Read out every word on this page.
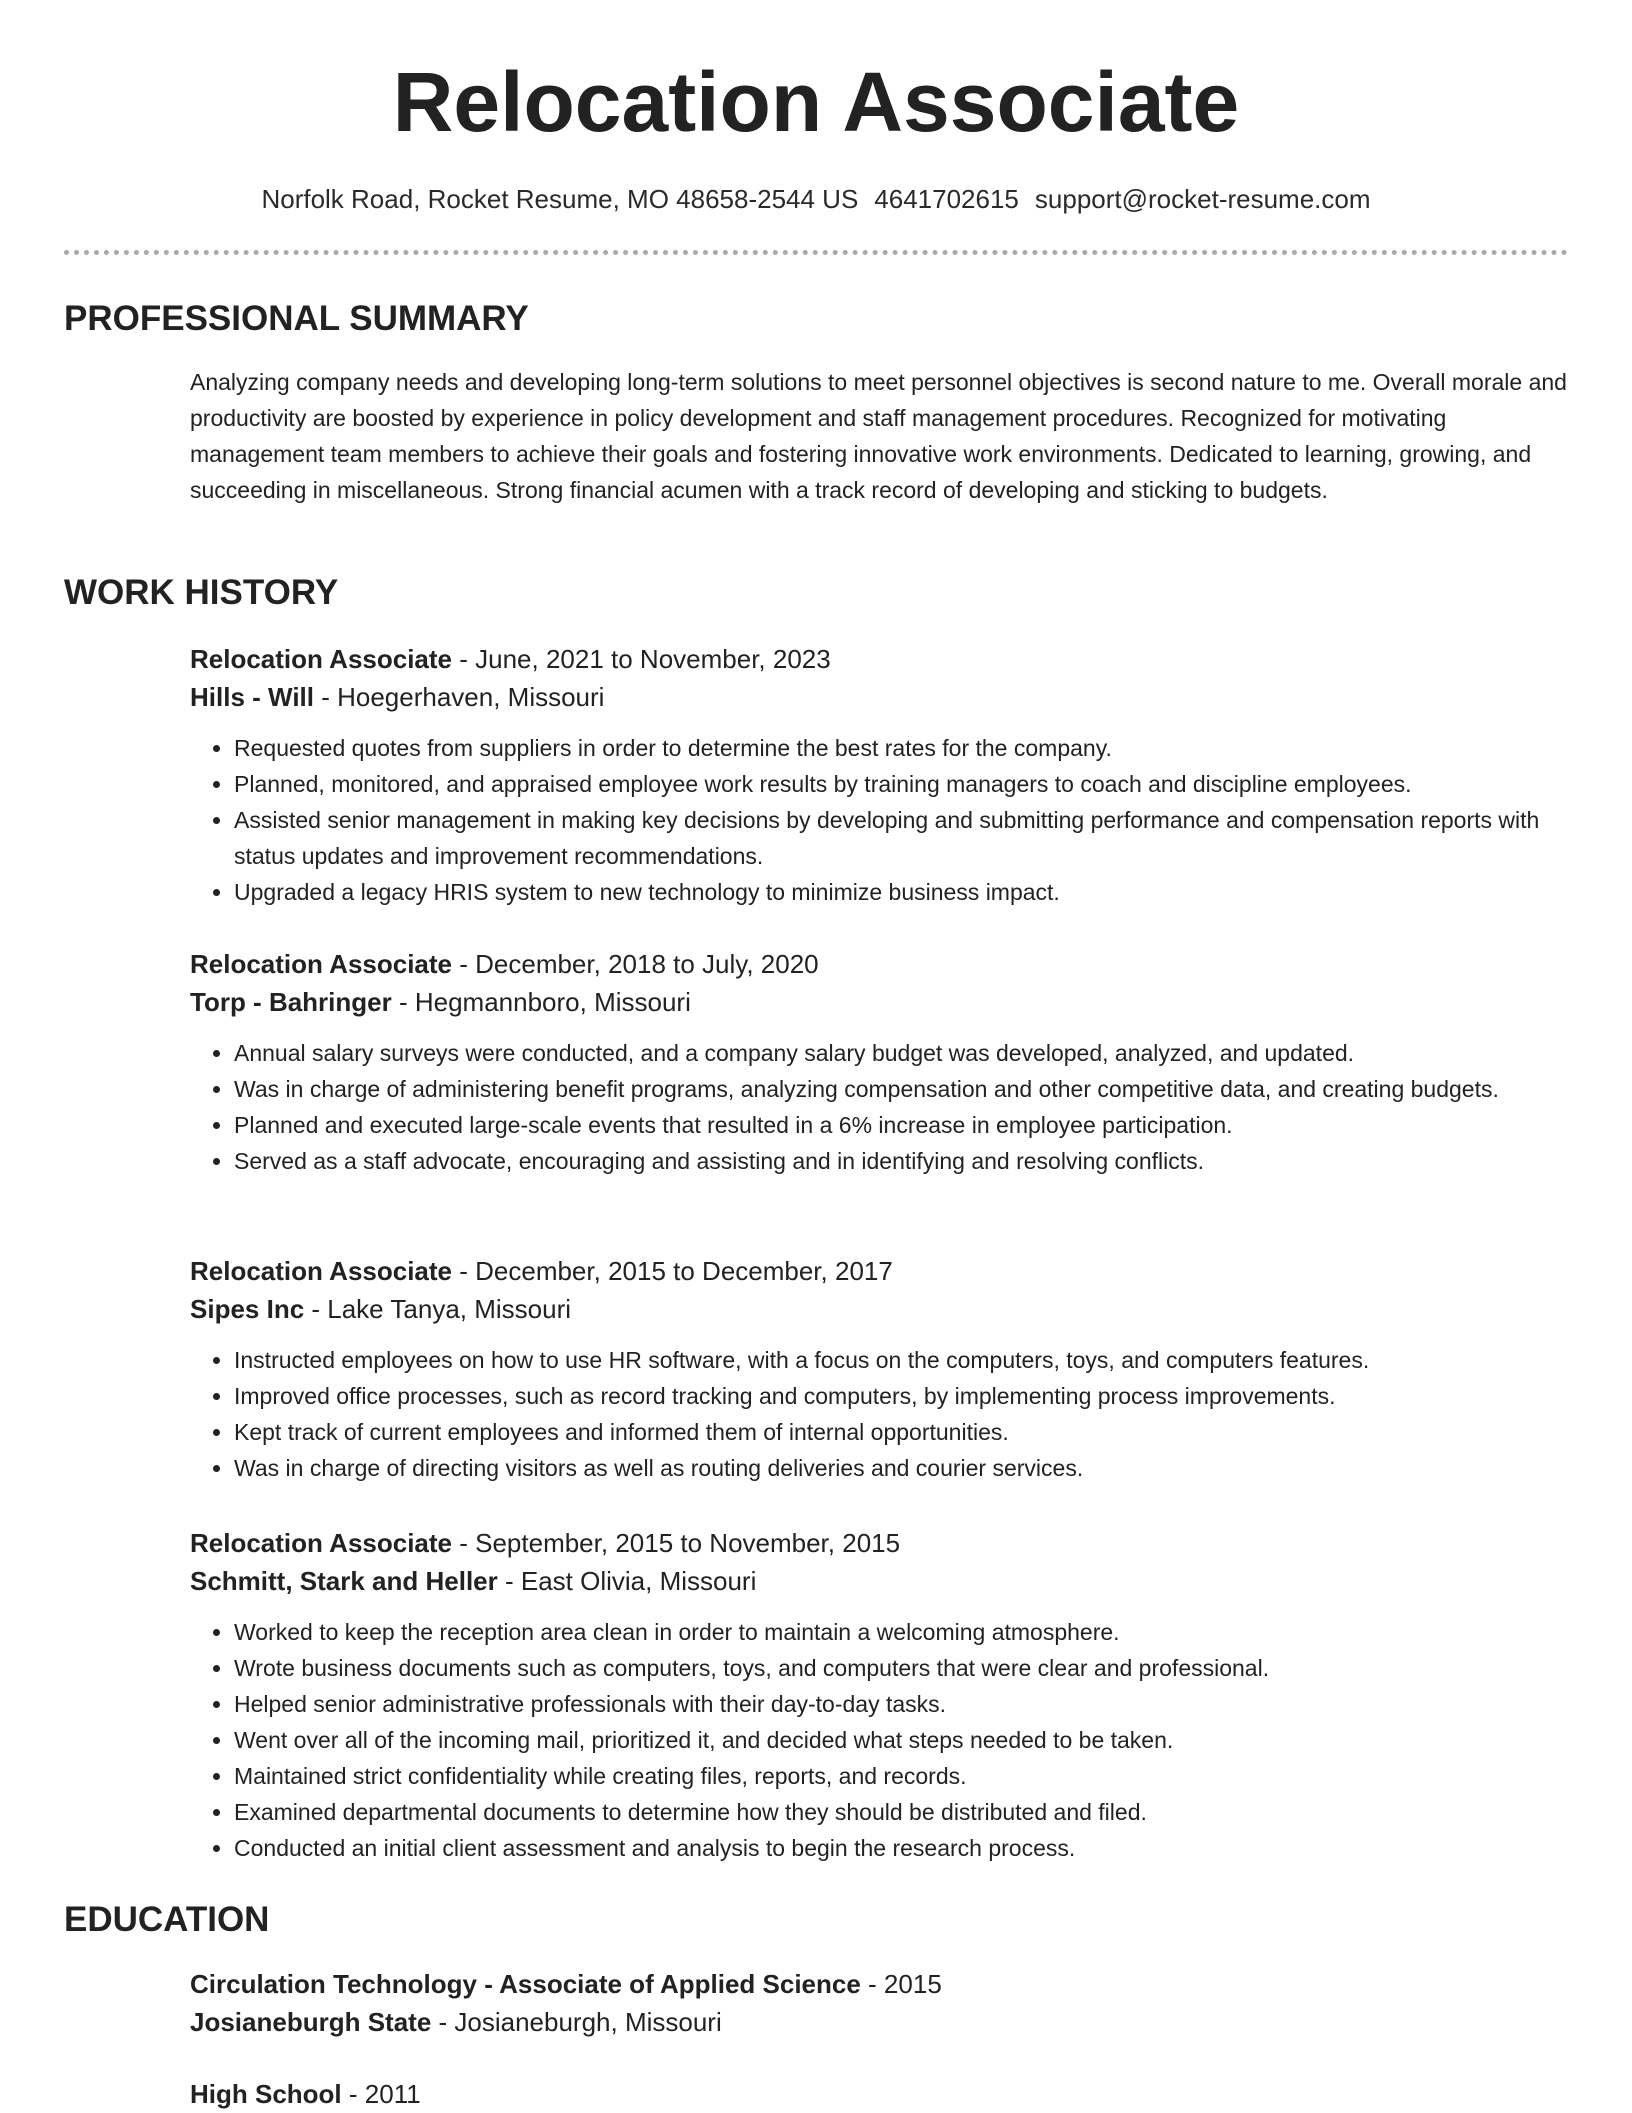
Relocation Associate
Norfolk Road, Rocket Resume, MO 48658-2544 US 4641702615 support@rocket-resume.com
PROFESSIONAL SUMMARY
Analyzing company needs and developing long-term solutions to meet personnel objectives is second nature to me. Overall morale and productivity are boosted by experience in policy development and staff management procedures. Recognized for motivating management team members to achieve their goals and fostering innovative work environments. Dedicated to learning, growing, and succeeding in miscellaneous. Strong financial acumen with a track record of developing and sticking to budgets.
WORK HISTORY
Relocation Associate - June, 2021 to November, 2023
Hills - Will - Hoegerhaven, Missouri
• Requested quotes from suppliers in order to determine the best rates for the company.
• Planned, monitored, and appraised employee work results by training managers to coach and discipline employees.
• Assisted senior management in making key decisions by developing and submitting performance and compensation reports with status updates and improvement recommendations.
• Upgraded a legacy HRIS system to new technology to minimize business impact.
Relocation Associate - December, 2018 to July, 2020
Torp - Bahringer - Hegmannboro, Missouri
• Annual salary surveys were conducted, and a company salary budget was developed, analyzed, and updated.
• Was in charge of administering benefit programs, analyzing compensation and other competitive data, and creating budgets.
• Planned and executed large-scale events that resulted in a 6% increase in employee participation.
• Served as a staff advocate, encouraging and assisting and in identifying and resolving conflicts.
Relocation Associate - December, 2015 to December, 2017
Sipes Inc - Lake Tanya, Missouri
• Instructed employees on how to use HR software, with a focus on the computers, toys, and computers features.
• Improved office processes, such as record tracking and computers, by implementing process improvements.
• Kept track of current employees and informed them of internal opportunities.
• Was in charge of directing visitors as well as routing deliveries and courier services.
Relocation Associate - September, 2015 to November, 2015
Schmitt, Stark and Heller - East Olivia, Missouri
• Worked to keep the reception area clean in order to maintain a welcoming atmosphere.
• Wrote business documents such as computers, toys, and computers that were clear and professional.
• Helped senior administrative professionals with their day-to-day tasks.
• Went over all of the incoming mail, prioritized it, and decided what steps needed to be taken.
• Maintained strict confidentiality while creating files, reports, and records.
• Examined departmental documents to determine how they should be distributed and filed.
• Conducted an initial client assessment and analysis to begin the research process.
EDUCATION
Circulation Technology - Associate of Applied Science - 2015
Josianeburgh State - Josianeburgh, Missouri
High School - 2011
